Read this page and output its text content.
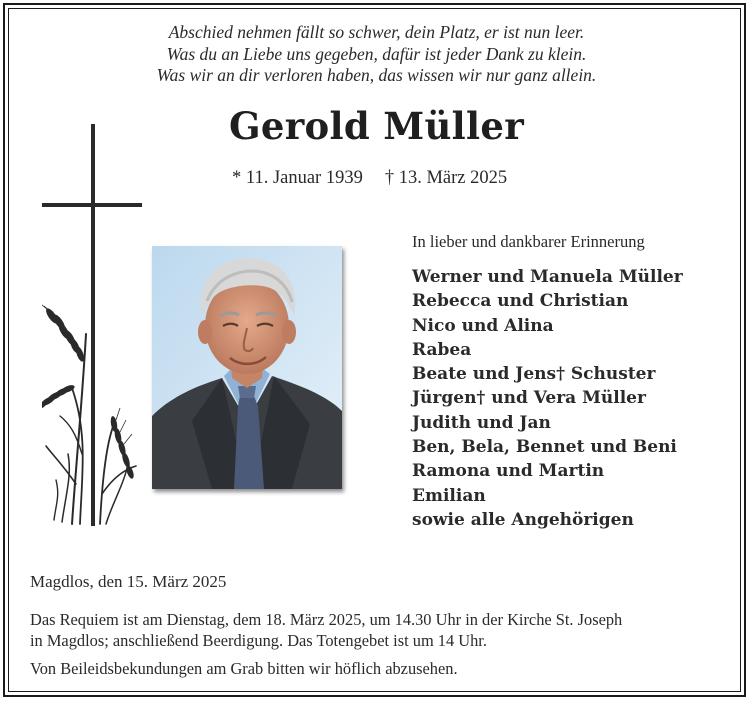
Abschied nehmen fällt so schwer, dein Platz, er ist nun leer.
Was du an Liebe uns gegeben, dafür ist jeder Dank zu klein.
Was wir an dir verloren haben, das wissen wir nur ganz allein.
Gerold Müller
* 11. Januar 1939 † 13. März 2025
In lieber und dankbarer Erinnerung
Werner und Manuela Müller
Rebecca und Christian
Nico und Alina
Rabea
Beate und Jens† Schuster
Jürgen† und Vera Müller
Judith und Jan
Ben, Bela, Bennet und Beni
Ramona und Martin
Emilian
sowie alle Angehörigen
Magdlos, den 15. März 2025
Das Requiem ist am Dienstag, dem 18. März 2025, um 14.30 Uhr in der Kirche St. Joseph
in Magdlos; anschließend Beerdigung. Das Totengebet ist um 14 Uhr.
Von Beileidsbekundungen am Grab bitten wir höflich abzusehen.
